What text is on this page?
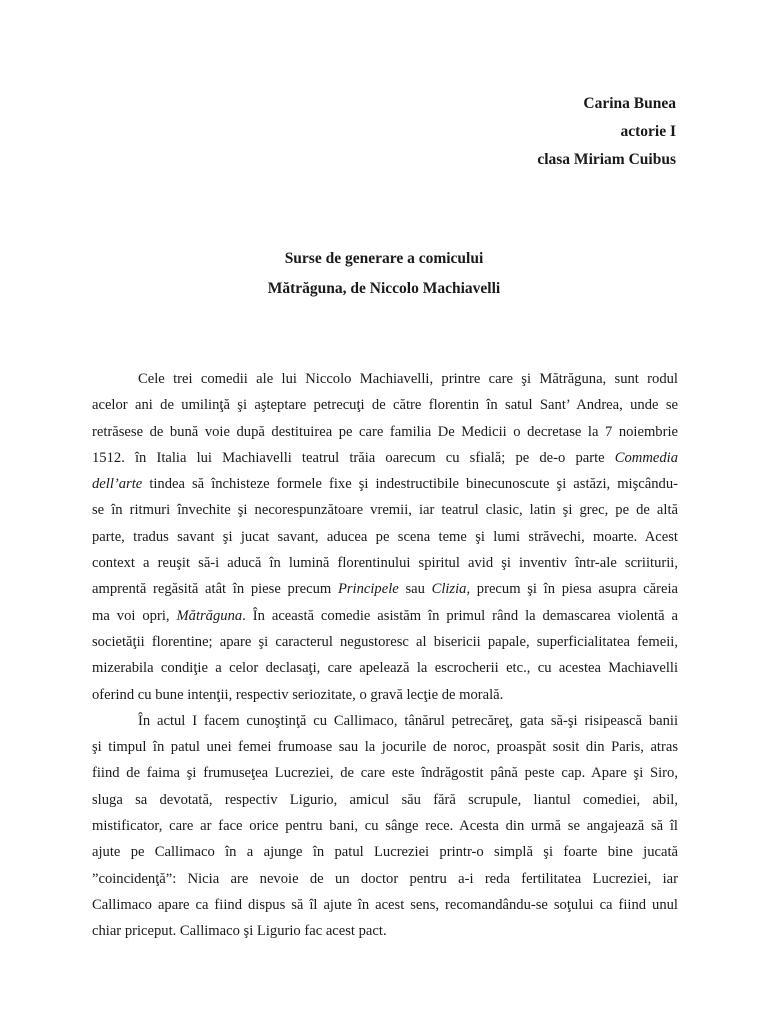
Carina Bunea
actorie I
clasa Miriam Cuibus
Surse de generare a comicului
Mătrăguna, de Niccolo Machiavelli

Cele trei comedii ale lui Niccolo Machiavelli, printre care şi Mătrăguna, sunt rodul
acelor ani de umilinţă şi aşteptare petrecuţi de către florentin în satul Sant’ Andrea, unde se
retrăsese de bună voie după destituirea pe care familia De Medicii o decretase la 7 noiembrie
1512. în Italia lui Machiavelli teatrul trăia oarecum cu sfială; pe de-o parte Commedia
dell’arte tindea să închisteze formele fixe şi indestructibile binecunoscute şi astăzi, mişcându-
se în ritmuri învechite şi necorespunzătoare vremii, iar teatrul clasic, latin şi grec, pe de altă
parte, tradus savant şi jucat savant, aducea pe scena teme şi lumi străvechi, moarte. Acest
context a reuşit să-i aducă în lumină florentinului spiritul avid şi inventiv într-ale scriiturii,
amprentă regăsită atât în piese precum Principele sau Clizia, precum şi în piesa asupra căreia
ma voi opri, Mătrăguna. În această comedie asistăm în primul rând la demascarea violentă a
societăţii florentine; apare şi caracterul negustoresc al bisericii papale, superficialitatea femeii,
mizerabila condiţie a celor declasaţi, care apelează la escrocherii etc., cu acestea Machiavelli
oferind cu bune intenţii, respectiv seriozitate, o gravă lecţie de morală.

În actul I facem cunoştinţă cu Callimaco, tânărul petrecăreţ, gata să-şi risipească banii
şi timpul în patul unei femei frumoase sau la jocurile de noroc, proaspăt sosit din Paris, atras
fiind de faima şi frumuseţea Lucreziei, de care este îndrăgostit până peste cap. Apare şi Siro,
sluga sa devotată, respectiv Ligurio, amicul său fără scrupule, liantul comediei, abil,
mistificator, care ar face orice pentru bani, cu sânge rece. Acesta din urmă se angajează să îl
ajute pe Callimaco în a ajunge în patul Lucreziei printr-o simplă şi foarte bine jucată
”coincidenţă”: Nicia are nevoie de un doctor pentru a-i reda fertilitatea Lucreziei, iar
Callimaco apare ca fiind dispus să îl ajute în acest sens, recomandându-se soţului ca fiind unul
chiar priceput. Callimaco şi Ligurio fac acest pact.
